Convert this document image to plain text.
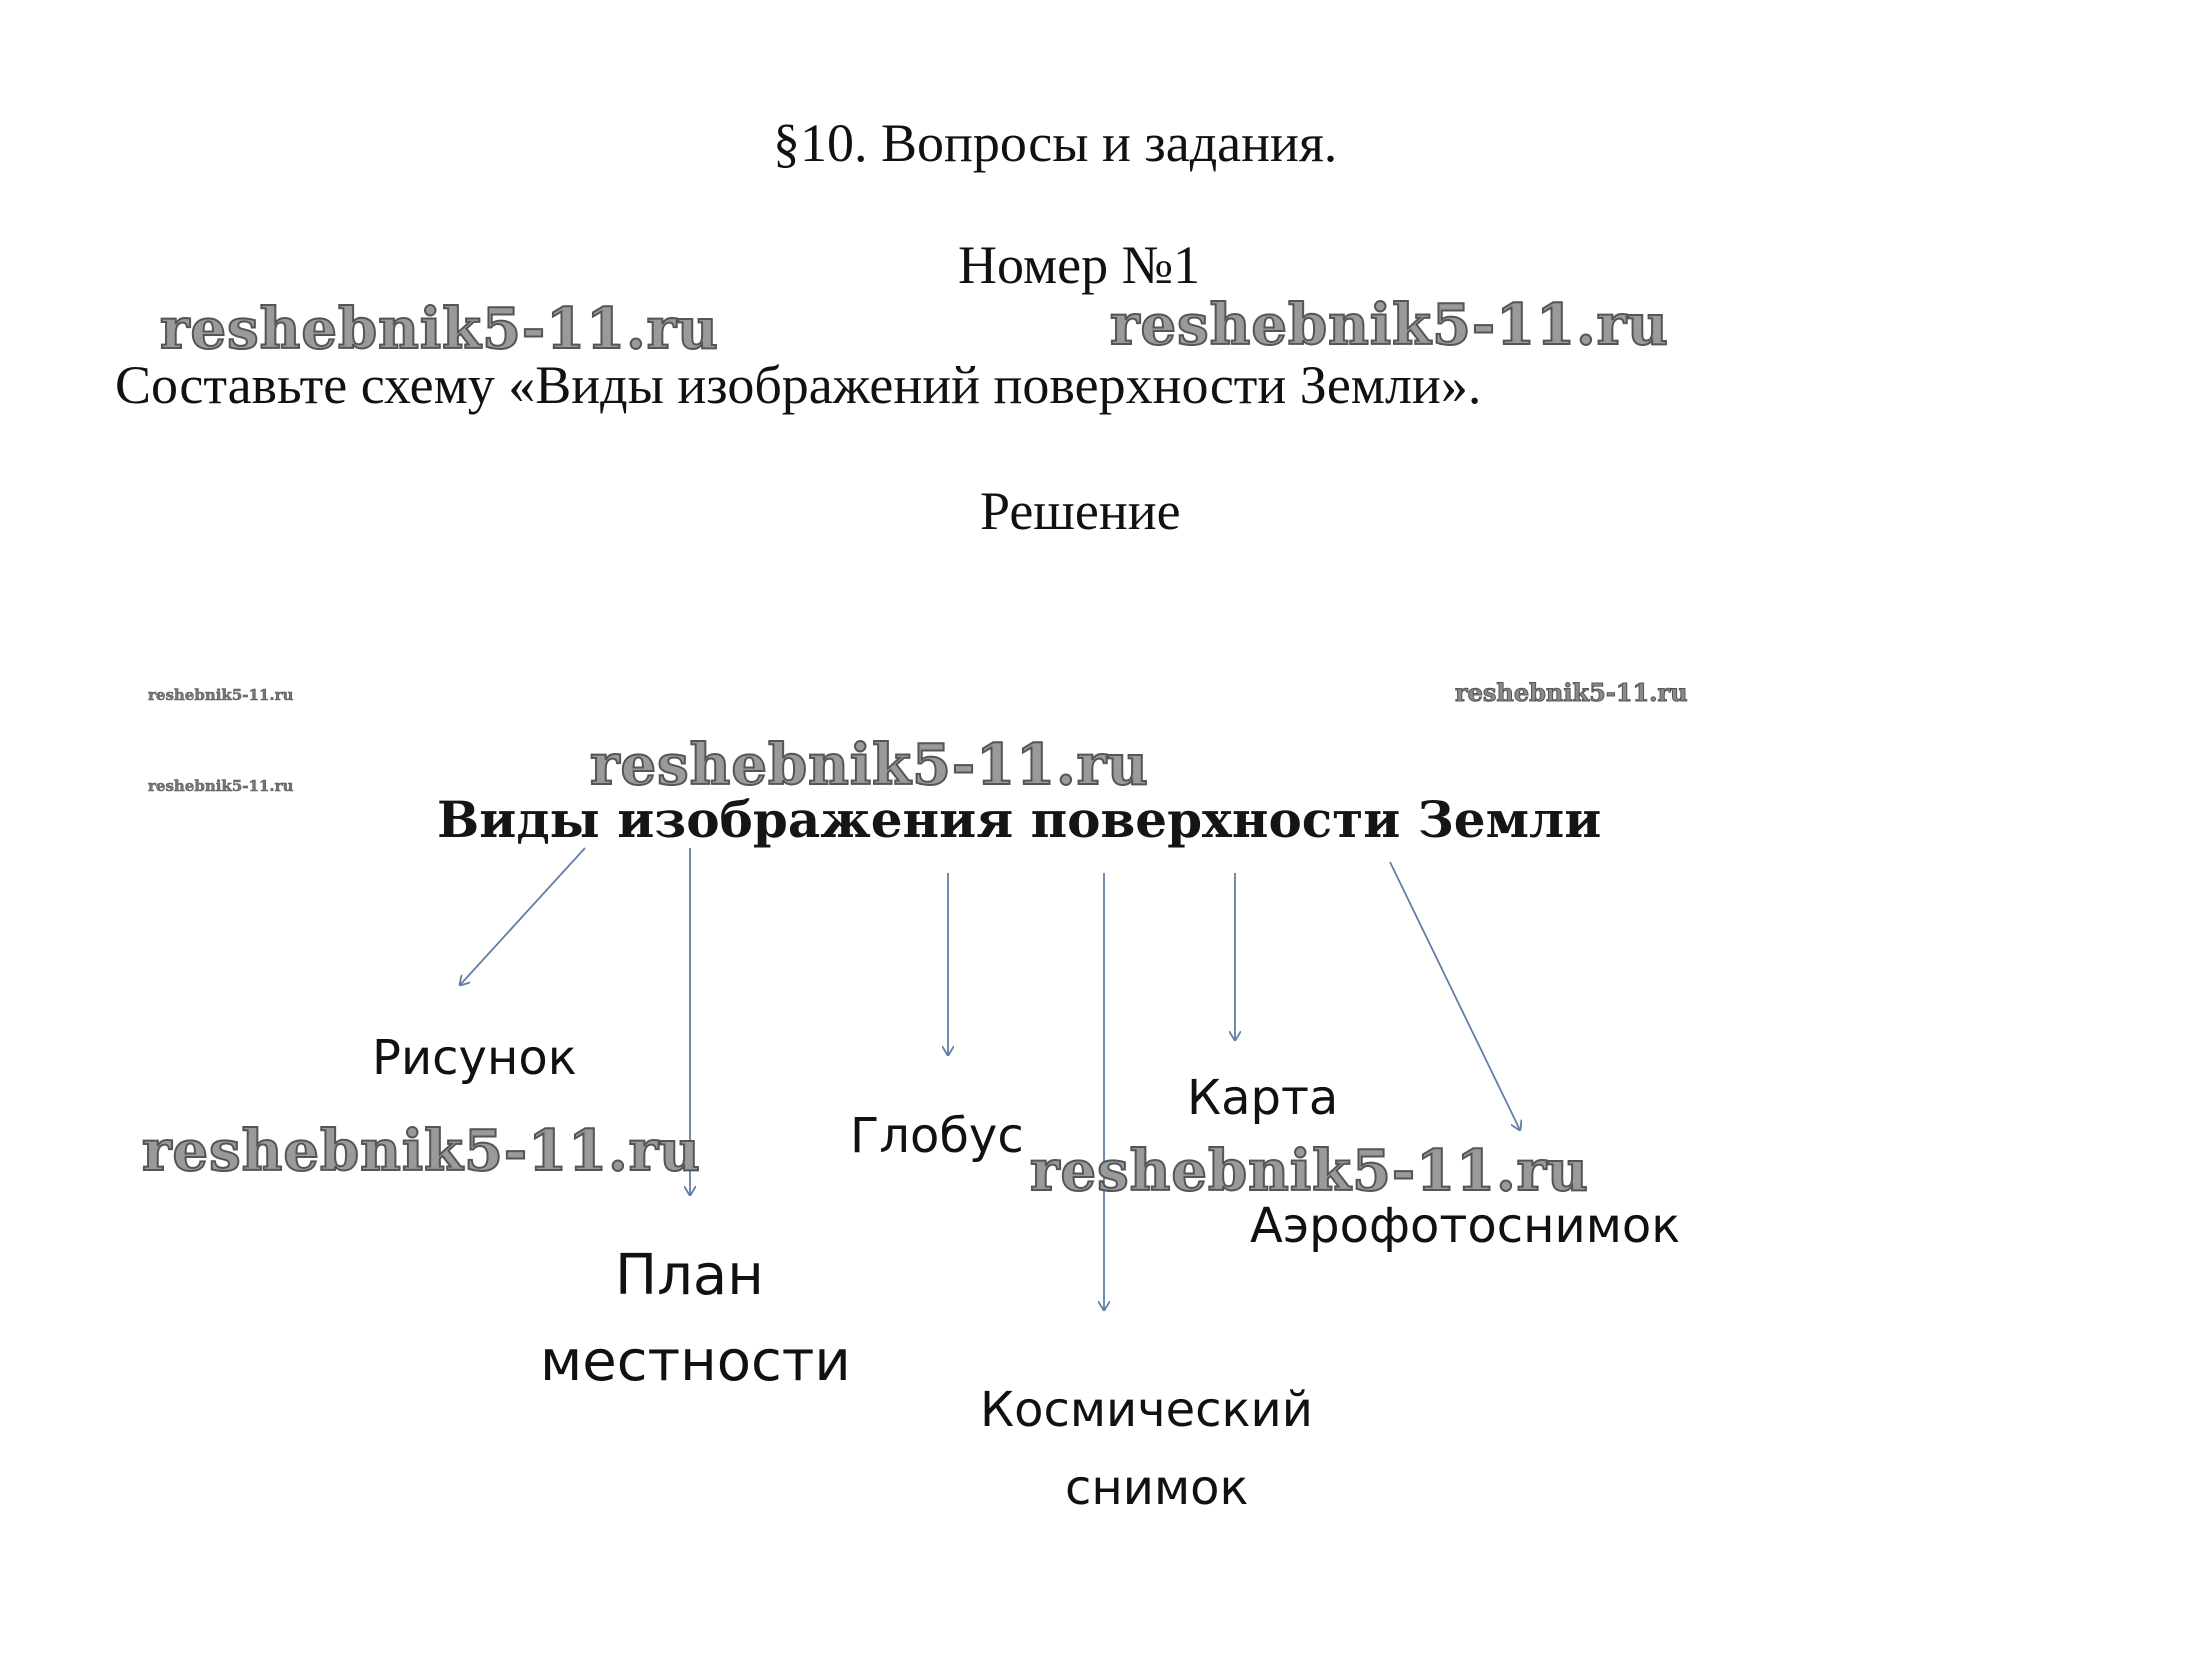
§10. Вопросы и задания.
Номер №1
reshebnik5-11.ru	reshebnik5-11.ru
Составьте схему «Виды изображений поверхности Земли».
Решение
reshebnik5-11.ru
reshebnik5-11.ru
reshebnik5-11.ru
reshebnik5-11.ru
Виды изображения поверхности Земли
Рисунок
reshebnik5-11.ru	Глобус
Карта
reshebnik5-11.ru
Аэрофотоснимок
План
местности
Космический
снимок
